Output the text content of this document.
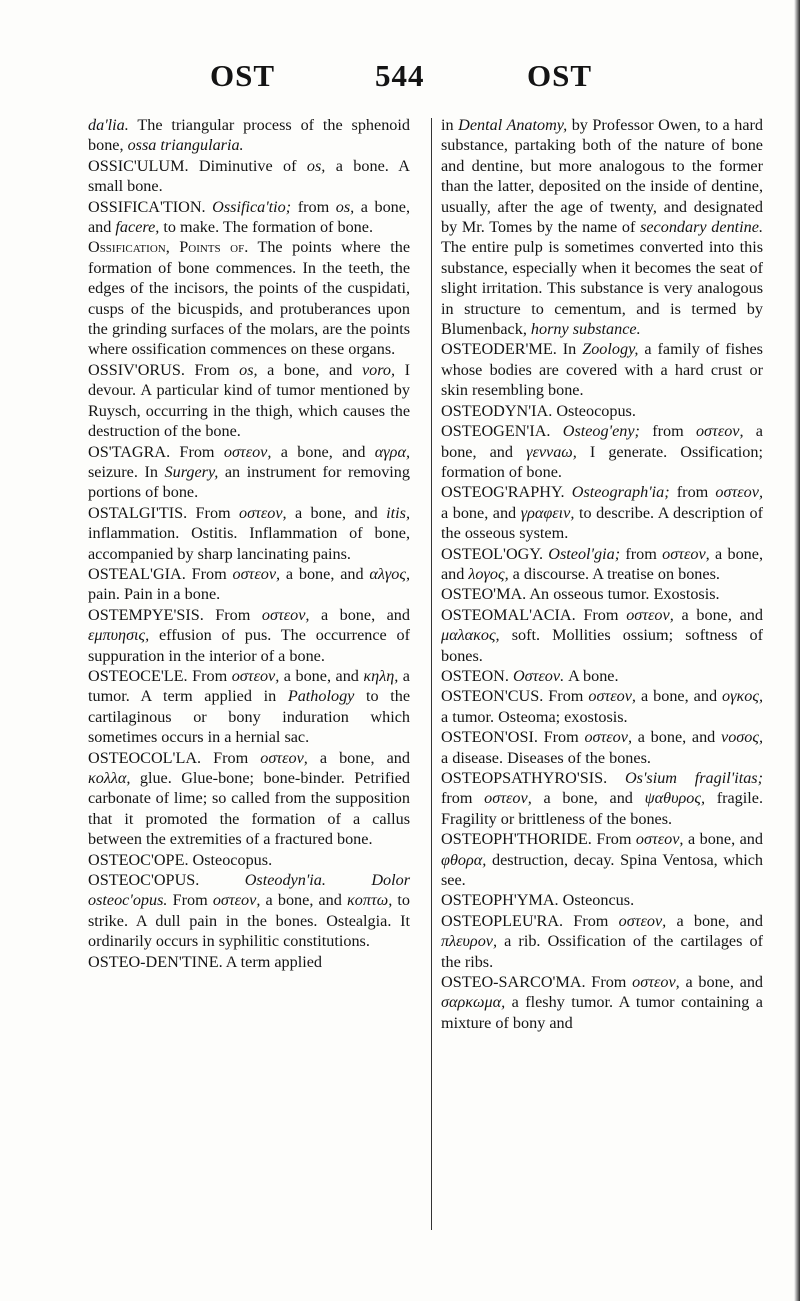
OST	544	OST

da'lia. The triangular process of the sphenoid bone, ossa triangularia.

OSSIC'ULUM. Diminutive of os, a bone. A small bone.

OSSIFICA'TION. Ossifica'tio; from os, a bone, and facere, to make. The formation of bone.

Ossification, Points of. The points where the formation of bone commences. In the teeth, the edges of the incisors, the points of the cuspidati, cusps of the bicuspids, and protuberances upon the grinding surfaces of the molars, are the points where ossification commences on these organs.

OSSIV'ORUS. From os, a bone, and voro, I devour. A particular kind of tumor mentioned by Ruysch, occurring in the thigh, which causes the destruction of the bone.

OS'TAGRA. From οστεον, a bone, and αγρα, seizure. In Surgery, an instrument for removing portions of bone.

OSTALGI'TIS. From οστεον, a bone, and itis, inflammation. Ostitis. Inflammation of bone, accompanied by sharp lancinating pains.

OSTEAL'GIA. From οστεον, a bone, and αλγος, pain. Pain in a bone.

OSTEMPYE'SIS. From οστεον, a bone, and εμπυησις, effusion of pus. The occurrence of suppuration in the interior of a bone.

OSTEOCE'LE. From οστεον, a bone, and κηλη, a tumor. A term applied in Pathology to the cartilaginous or bony induration which sometimes occurs in a hernial sac.

OSTEOCOL'LA. From οστεον, a bone, and κολλα, glue. Glue-bone; bone-binder. Petrified carbonate of lime; so called from the supposition that it promoted the formation of a callus between the extremities of a fractured bone.

OSTEOC'OPE. Osteocopus.

OSTEOC'OPUS. Osteodyn'ia. Dolor osteoc'opus. From οστεον, a bone, and κοπτω, to strike. A dull pain in the bones. Ostealgia. It ordinarily occurs in syphilitic constitutions.

OSTEO-DEN'TINE. A term applied

in Dental Anatomy, by Professor Owen, to a hard substance, partaking both of the nature of bone and dentine, but more analogous to the former than the latter, deposited on the inside of dentine, usually, after the age of twenty, and designated by Mr. Tomes by the name of secondary dentine. The entire pulp is sometimes converted into this substance, especially when it becomes the seat of slight irritation. This substance is very analogous in structure to cementum, and is termed by Blumenback, horny substance.

OSTEODER'ME. In Zoology, a family of fishes whose bodies are covered with a hard crust or skin resembling bone.

OSTEODYN'IA. Osteocopus.

OSTEOGEN'IA. Osteog'eny; from οστεον, a bone, and γεννaω, I generate. Ossification; formation of bone.

OSTEOG'RAPHY. Osteograph'ia; from οστεον, a bone, and γραφειν, to describe. A description of the osseous system.

OSTEOL'OGY. Osteol'gia; from οστεον, a bone, and λογος, a discourse. A treatise on bones.

OSTEO'MA. An osseous tumor. Exostosis.

OSTEOMAL'ACIA. From οστεον, a bone, and μαλακος, soft. Mollities ossium; softness of bones.

OSTEON. Οστεον. A bone.

OSTEON'CUS. From οστεον, a bone, and ογκος, a tumor. Osteoma; exostosis.

OSTEON'OSI. From οστεον, a bone, and νοσος, a disease. Diseases of the bones.

OSTEOPSATHYRO'SIS. Os'sium fragil'itas; from οστεον, a bone, and ψαθυρος, fragile. Fragility or brittleness of the bones.

OSTEOPH'THORIDE. From οστεον, a bone, and φθορα, destruction, decay. Spina Ventosa, which see.

OSTEOPH'YMA. Osteoncus.

OSTEOPLEU'RA. From οστεον, a bone, and πλευρον, a rib. Ossification of the cartilages of the ribs.

OSTEO-SARCO'MA. From οστεον, a bone, and σαρκωμα, a fleshy tumor. A tumor containing a mixture of bony and
